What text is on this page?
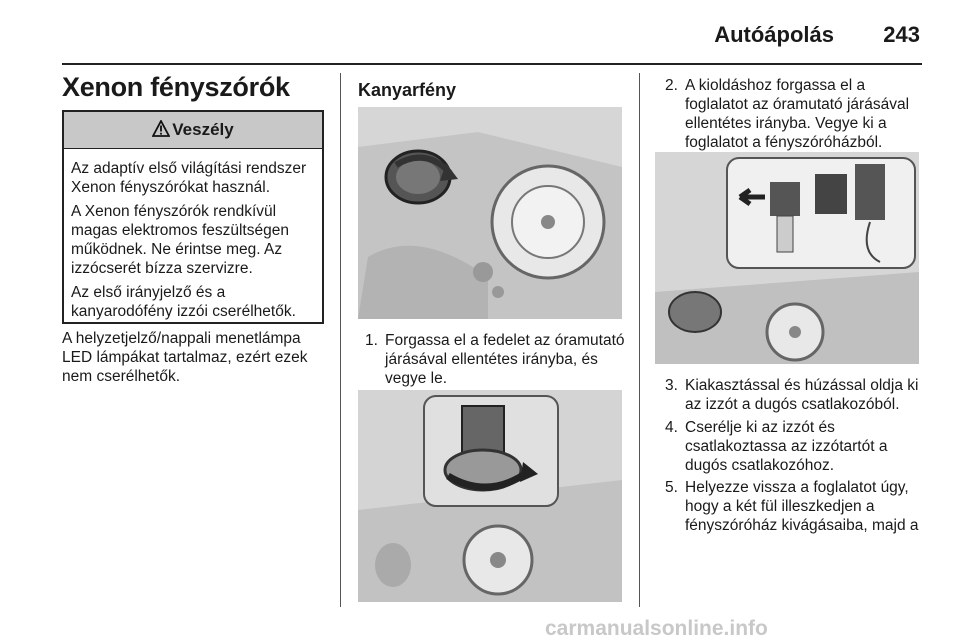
Autóápolás 243
Xenon fényszórók
Veszély

Az adaptív első világítási rendszer Xenon fényszórókat használ.

A Xenon fényszórók rendkívül magas elektromos feszültségen működnek. Ne érintse meg. Az izzócserét bízza szervizre.

Az első irányjelző és a kanyarodófény izzói cserélhetők.

A helyzetjelző/nappali menetlámpa LED lámpákat tartalmaz, ezért ezek nem cserélhetők.
Kanyarfény
1. Forgassa el a fedelet az óramutató járásával ellentétes irányba, és vegye le.
2. A kioldáshoz forgassa el a foglalatot az óramutató járásával ellentétes irányba. Vegye ki a foglalatot a fényszóróházból.
3. Kiakasztással és húzással oldja ki az izzót a dugós csatlakozóból.
4. Cserélje ki az izzót és csatlakoztassa az izzótartót a dugós csatlakozóhoz.
5. Helyezze vissza a foglalatot úgy, hogy a két fül illeszkedjen a fényszóróház kivágásaiba, majd a
carmanualsonline.info
